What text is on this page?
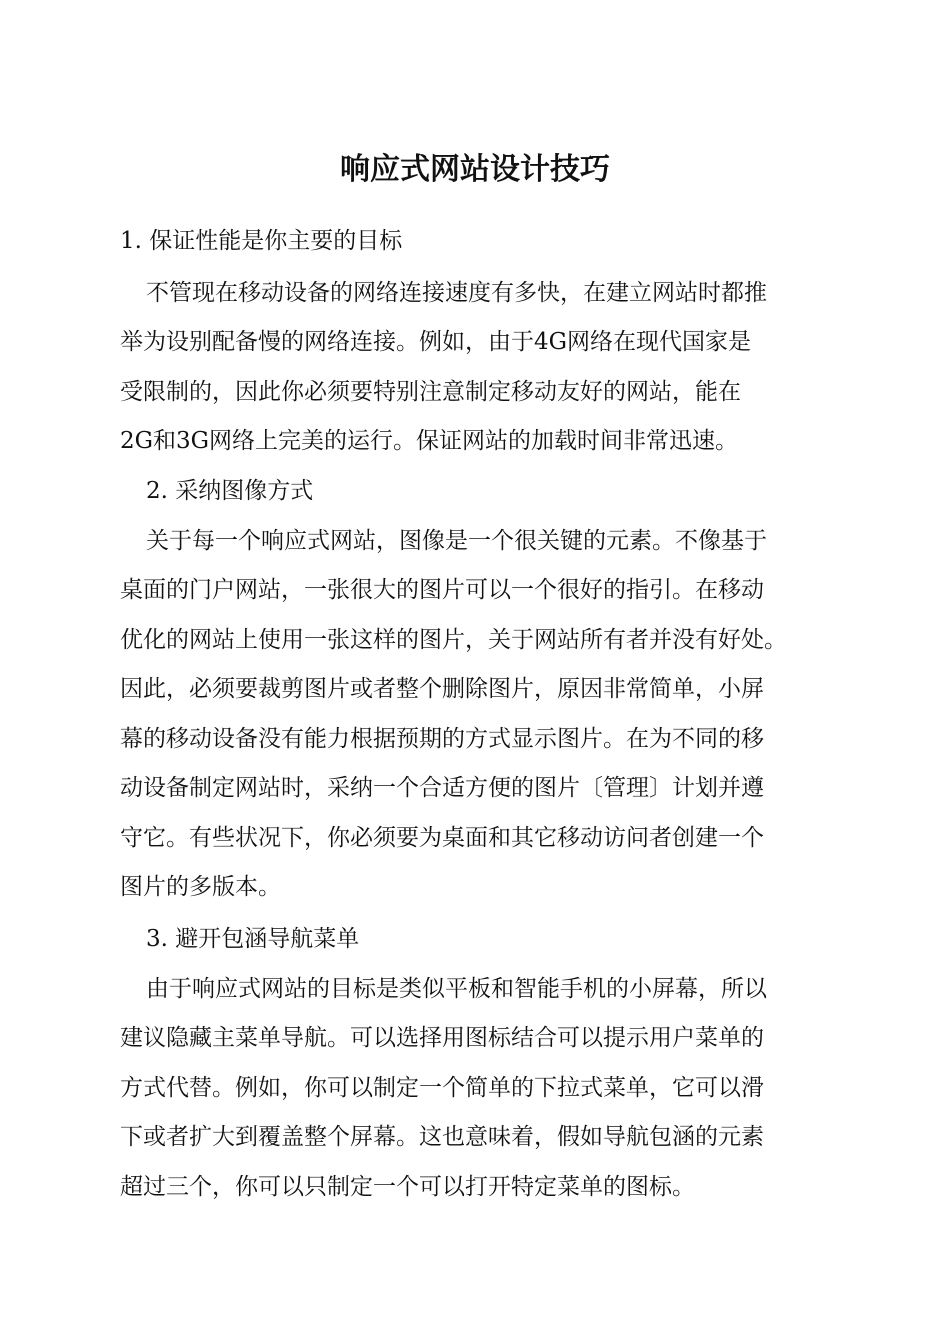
响应式网站设计技巧

1. 保证性能是你主要的目标

不管现在移动设备的网络连接速度有多快，在建立网站时都推

举为设别配备慢的网络连接。例如，由于4G网络在现代国家是

受限制的，因此你必须要特别注意制定移动友好的网站，能在

2G和3G网络上完美的运行。保证网站的加载时间非常迅速。

2. 采纳图像方式

关于每一个响应式网站，图像是一个很关键的元素。不像基于

桌面的门户网站，一张很大的图片可以一个很好的指引。在移动

优化的网站上使用一张这样的图片，关于网站所有者并没有好处。

因此，必须要裁剪图片或者整个删除图片，原因非常简单，小屏

幕的移动设备没有能力根据预期的方式显示图片。在为不同的移

动设备制定网站时，采纳一个合适方便的图片〔管理〕计划并遵

守它。有些状况下，你必须要为桌面和其它移动访问者创建一个

图片的多版本。

3. 避开包涵导航菜单

由于响应式网站的目标是类似平板和智能手机的小屏幕，所以

建议隐藏主菜单导航。可以选择用图标结合可以提示用户菜单的

方式代替。例如，你可以制定一个简单的下拉式菜单，它可以滑

下或者扩大到覆盖整个屏幕。这也意味着，假如导航包涵的元素

超过三个，你可以只制定一个可以打开特定菜单的图标。
